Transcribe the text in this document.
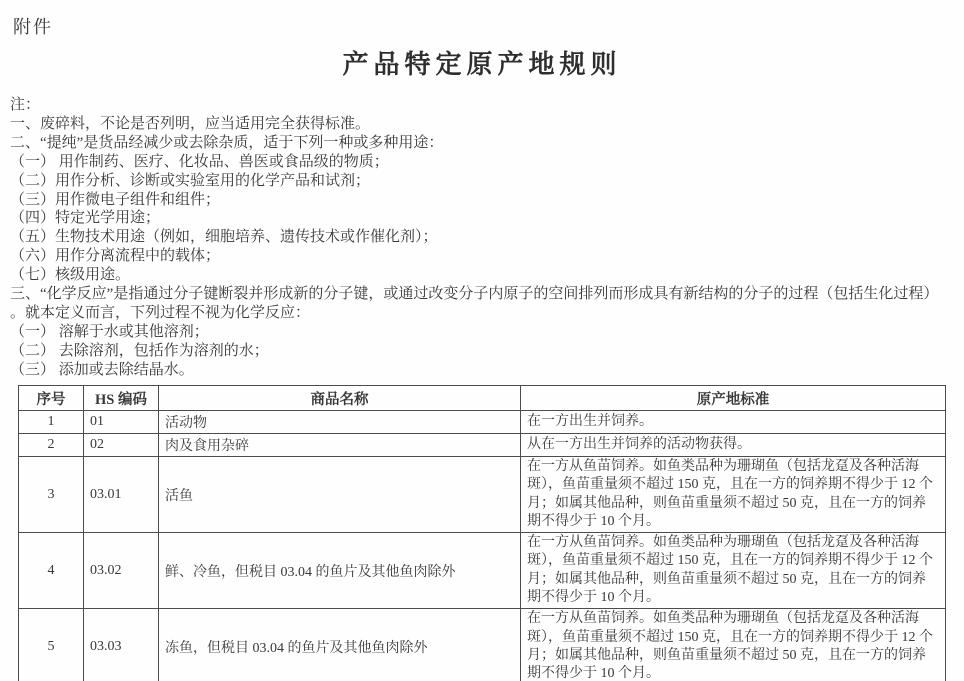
附件
产品特定原产地规则
注：
一、废碎料，不论是否列明，应当适用完全获得标准。
二、“提纯”是货品经减少或去除杂质，适于下列一种或多种用途：
（一） 用作制药、医疗、化妆品、兽医或食品级的物质；
（二）用作分析、诊断或实验室用的化学产品和试剂；
（三）用作微电子组件和组件；
（四）特定光学用途；
（五）生物技术用途（例如，细胞培养、遗传技术或作催化剂）；
（六）用作分离流程中的载体；
（七）核级用途。
三、“化学反应”是指通过分子键断裂并形成新的分子键，或通过改变分子内原子的空间排列而形成具有新结构的分子的过程（包括生化过程）
。就本定义而言，下列过程不视为化学反应：
（一） 溶解于水或其他溶剂；
（二） 去除溶剂，包括作为溶剂的水；
（三） 添加或去除结晶水。
序号	HS 编码	商品名称	原产地标准
1	01	活动物	在一方出生并饲养。
2	02	肉及食用杂碎	从在一方出生并饲养的活动物获得。
3	03.01	活鱼	在一方从鱼苗饲养。如鱼类品种为珊瑚鱼（包括龙趸及各种活海斑），鱼苗重量须不超过 150 克，且在一方的饲养期不得少于 12 个月；如属其他品种，则鱼苗重量须不超过 50 克，且在一方的饲养期不得少于 10 个月。
4	03.02	鲜、冷鱼，但税目 03.04 的鱼片及其他鱼肉除外	在一方从鱼苗饲养。如鱼类品种为珊瑚鱼（包括龙趸及各种活海斑），鱼苗重量须不超过 150 克，且在一方的饲养期不得少于 12 个月；如属其他品种，则鱼苗重量须不超过 50 克，且在一方的饲养期不得少于 10 个月。
5	03.03	冻鱼，但税目 03.04 的鱼片及其他鱼肉除外	在一方从鱼苗饲养。如鱼类品种为珊瑚鱼（包括龙趸及各种活海斑），鱼苗重量须不超过 150 克，且在一方的饲养期不得少于 12 个月；如属其他品种，则鱼苗重量须不超过 50 克，且在一方的饲养期不得少于 10 个月。
